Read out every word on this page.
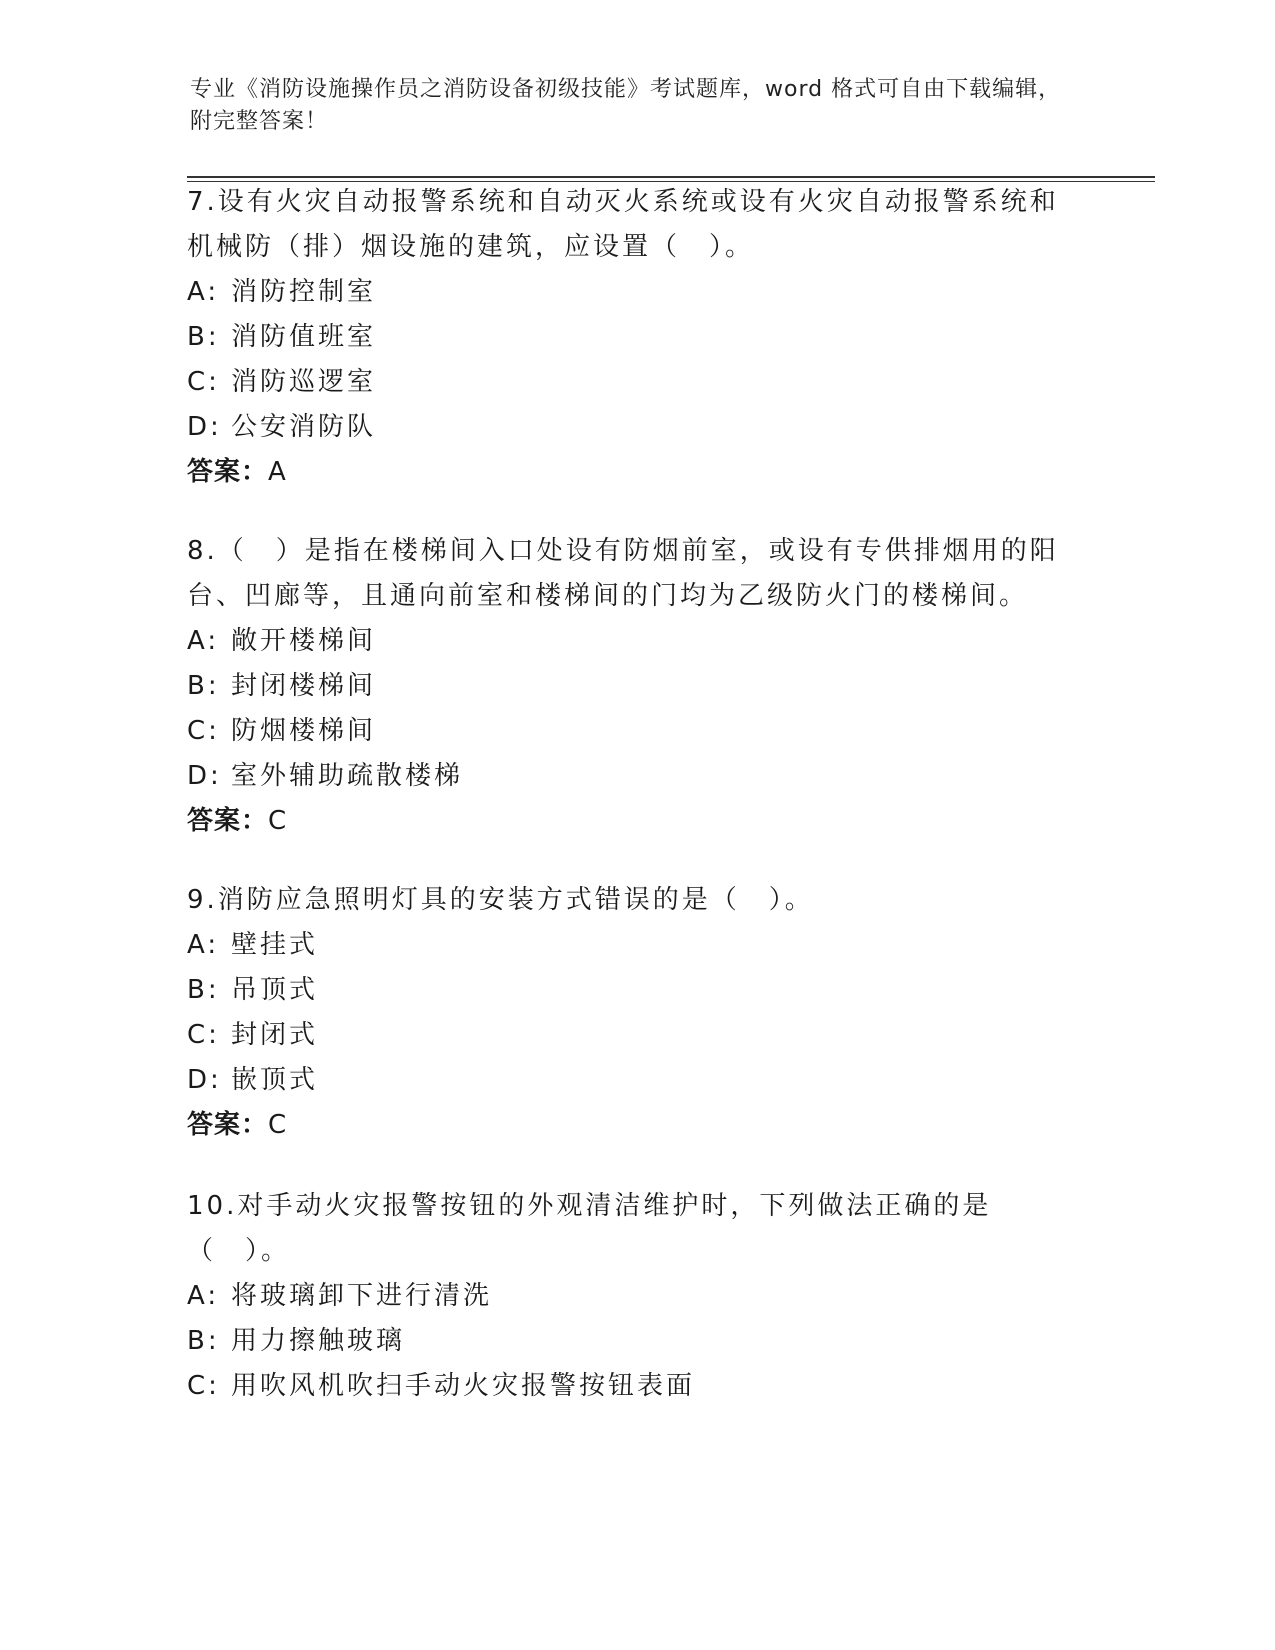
专业《消防设施操作员之消防设备初级技能》考试题库，word 格式可自由下载编辑，附完整答案！

7.设有火灾自动报警系统和自动灭火系统或设有火灾自动报警系统和机械防（排）烟设施的建筑，应设置（　）。

A: 消防控制室

B: 消防值班室

C: 消防巡逻室

D: 公安消防队

答案：A

8.（　）是指在楼梯间入口处设有防烟前室，或设有专供排烟用的阳台、凹廊等，且通向前室和楼梯间的门均为乙级防火门的楼梯间。

A: 敞开楼梯间

B: 封闭楼梯间

C: 防烟楼梯间

D: 室外辅助疏散楼梯

答案：C

9.消防应急照明灯具的安装方式错误的是（　）。

A: 壁挂式

B: 吊顶式

C: 封闭式

D: 嵌顶式

答案：C

10.对手动火灾报警按钮的外观清洁维护时，下列做法正确的是（　）。

A: 将玻璃卸下进行清洗

B: 用力擦触玻璃

C: 用吹风机吹扫手动火灾报警按钮表面
